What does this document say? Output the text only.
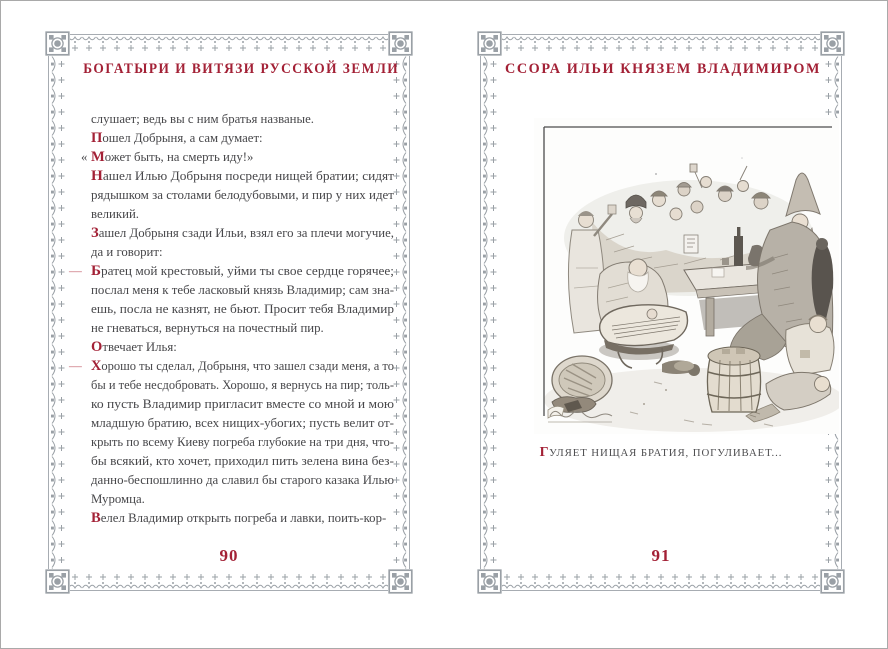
БОГАТЫРИ И ВИТЯЗИ РУССКОЙ ЗЕМЛИ
слушает; ведь вы с ним братья названые.
Пошел Добрыня, а сам думает:
« Может быть, на смерть иду!»
Нашел Илью Добрыня посреди нищей братии; сидят
рядышком за столами белодубовыми, и пир у них идет
великий.
Зашел Добрыня сзади Ильи, взял его за плечи могучие,
да и говорит:
— Братец мой крестовый, уйми ты свое сердце горячее;
послал меня к тебе ласковый князь Владимир; сам зна-
ешь, посла не казнят, не бьют. Просит тебя Владимир
не гневаться, вернуться на почестный пир.
Отвечает Илья:
— Хорошо ты сделал, Добрыня, что зашел сзади меня, а то
бы и тебе несдобровать. Хорошо, я вернусь на пир; толь-
ко пусть Владимир пригласит вместе со мной и мою
младшую братию, всех нищих-убогих; пусть велит от-
крыть по всему Киеву погреба глубокие на три дня, что-
бы всякий, кто хочет, приходил пить зелена вина без-
данно-беспошлинно да славил бы старого казака Илью
Муромца.
Велел Владимир открыть погреба и лавки, поить-кор-
90
ССОРА ИЛЬИ КНЯЗЕМ ВЛАДИМИРОМ
ГУЛЯЕТ НИЩАЯ БРАТИЯ, ПОГУЛИВАЕТ...
91
